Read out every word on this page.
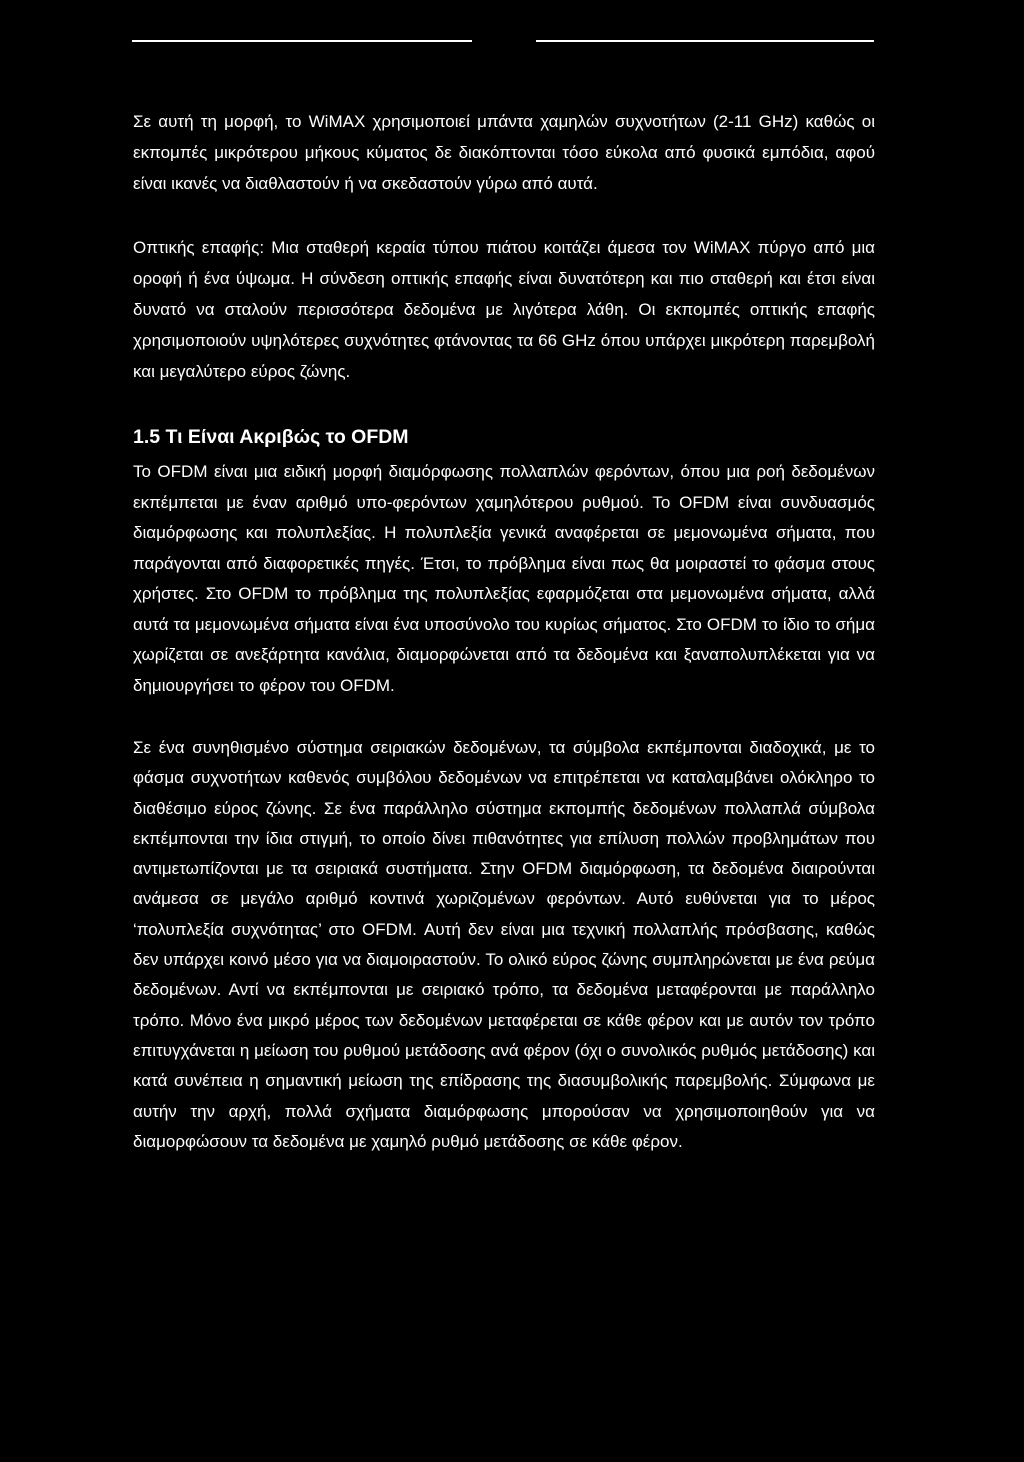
Σε αυτή τη μορφή, το WiMAX χρησιμοποιεί μπάντα χαμηλών συχνοτήτων (2-11 GHz) καθώς οι εκπομπές μικρότερου μήκους κύματος δε διακόπτονται τόσο εύκολα από φυσικά εμπόδια, αφού είναι ικανές να διαθλαστούν ή να σκεδαστούν γύρω από αυτά.

Οπτικής επαφής: Μια σταθερή κεραία τύπου πιάτου κοιτάζει άμεσα τον WiMAX πύργο από μια οροφή ή ένα ύψωμα. Η σύνδεση οπτικής επαφής είναι δυνατότερη και πιο σταθερή και έτσι είναι δυνατό να σταλούν περισσότερα δεδομένα με λιγότερα λάθη. Οι εκπομπές οπτικής επαφής χρησιμοποιούν υψηλότερες συχνότητες φτάνοντας τα 66 GHz όπου υπάρχει μικρότερη παρεμβολή και μεγαλύτερο εύρος ζώνης.

1.5 Τι Είναι Ακριβώς το OFDM

Το OFDM είναι μια ειδική μορφή διαμόρφωσης πολλαπλών φερόντων, όπου μια ροή δεδομένων εκπέμπεται με έναν αριθμό υπο-φερόντων χαμηλότερου ρυθμού. Το OFDM είναι συνδυασμός διαμόρφωσης και πολυπλεξίας. Η πολυπλεξία γενικά αναφέρεται σε μεμονωμένα σήματα, που παράγονται από διαφορετικές πηγές. Έτσι, το πρόβλημα είναι πως θα μοιραστεί το φάσμα στους χρήστες. Στο OFDM το πρόβλημα της πολυπλεξίας εφαρμόζεται στα μεμονωμένα σήματα, αλλά αυτά τα μεμονωμένα σήματα είναι ένα υποσύνολο του κυρίως σήματος. Στο OFDM το ίδιο το σήμα χωρίζεται σε ανεξάρτητα κανάλια, διαμορφώνεται από τα δεδομένα και ξαναπολυπλέκεται για να δημιουργήσει το φέρον του OFDM.

Σε ένα συνηθισμένο σύστημα σειριακών δεδομένων, τα σύμβολα εκπέμπονται διαδοχικά, με το φάσμα συχνοτήτων καθενός συμβόλου δεδομένων να επιτρέπεται να καταλαμβάνει ολόκληρο το διαθέσιμο εύρος ζώνης. Σε ένα παράλληλο σύστημα εκπομπής δεδομένων πολλαπλά σύμβολα εκπέμπονται την ίδια στιγμή, το οποίο δίνει πιθανότητες για επίλυση πολλών προβλημάτων που αντιμετωπίζονται με τα σειριακά συστήματα. Στην OFDM διαμόρφωση, τα δεδομένα διαιρούνται ανάμεσα σε μεγάλο αριθμό κοντινά χωριζομένων φερόντων. Αυτό ευθύνεται για το μέρος ‘πολυπλεξία συχνότητας’ στο OFDM. Αυτή δεν είναι μια τεχνική πολλαπλής πρόσβασης, καθώς δεν υπάρχει κοινό μέσο για να διαμοιραστούν. Το ολικό εύρος ζώνης συμπληρώνεται με ένα ρεύμα δεδομένων. Αντί να εκπέμπονται με σειριακό τρόπο, τα δεδομένα μεταφέρονται με παράλληλο τρόπο. Μόνο ένα μικρό μέρος των δεδομένων μεταφέρεται σε κάθε φέρον και με αυτόν τον τρόπο επιτυγχάνεται η μείωση του ρυθμού μετάδοσης ανά φέρον (όχι ο συνολικός ρυθμός μετάδοσης) και κατά συνέπεια η σημαντική μείωση της επίδρασης της διασυμβολικής παρεμβολής. Σύμφωνα με αυτήν την αρχή, πολλά σχήματα διαμόρφωσης μπορούσαν να χρησιμοποιηθούν για να διαμορφώσουν τα δεδομένα με χαμηλό ρυθμό μετάδοσης σε κάθε φέρον.
